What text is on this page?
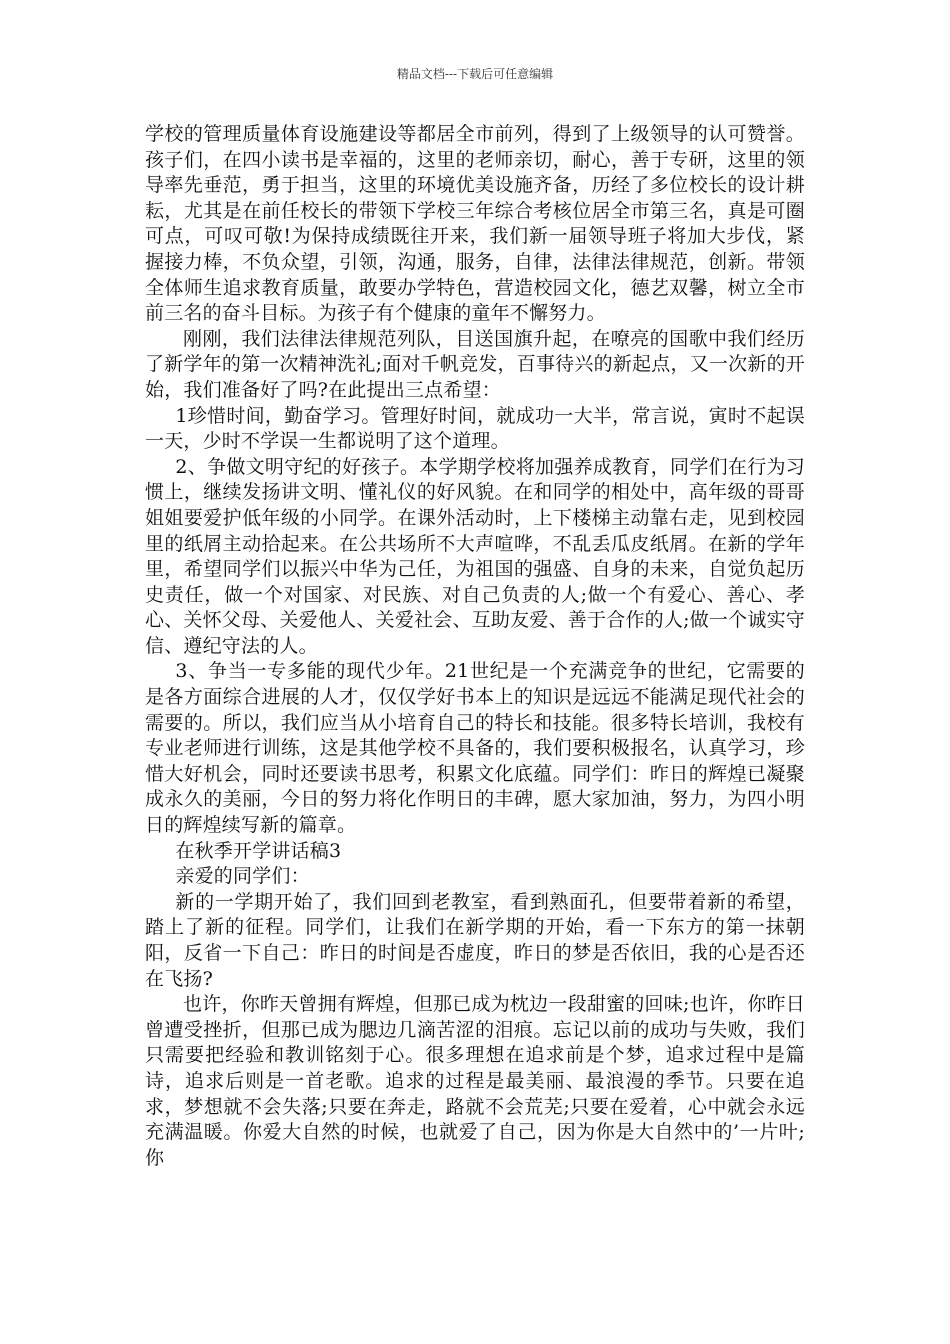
精品文档---下载后可任意编辑

学校的管理质量体育设施建设等都居全市前列，得到了上级领导的认可赞誉。孩子们，在四小读书是幸福的，这里的老师亲切，耐心，善于专研，这里的领导率先垂范，勇于担当，这里的环境优美设施齐备，历经了多位校长的设计耕耘，尤其是在前任校长的带领下学校三年综合考核位居全市第三名，真是可圈可点，可叹可敬!为保持成绩既往开来，我们新一届领导班子将加大步伐，紧握接力棒，不负众望，引领，沟通，服务，自律，法律法律规范，创新。带领全体师生追求教育质量，敢要办学特色，营造校园文化，德艺双馨，树立全市前三名的奋斗目标。为孩子有个健康的童年不懈努力。

刚刚，我们法律法律规范列队，目送国旗升起，在嘹亮的国歌中我们经历了新学年的第一次精神洗礼;面对千帆竞发，百事待兴的新起点，又一次新的开始，我们准备好了吗?在此提出三点希望：

1珍惜时间，勤奋学习。管理好时间，就成功一大半，常言说，寅时不起误一天，少时不学误一生都说明了这个道理。

2、争做文明守纪的好孩子。本学期学校将加强养成教育，同学们在行为习惯上，继续发扬讲文明、懂礼仪的好风貌。在和同学的相处中，高年级的哥哥姐姐要爱护低年级的小同学。在课外活动时，上下楼梯主动靠右走，见到校园里的纸屑主动拾起来。在公共场所不大声喧哗，不乱丢瓜皮纸屑。在新的学年里，希望同学们以振兴中华为己任，为祖国的强盛、自身的未来，自觉负起历史责任，做一个对国家、对民族、对自己负责的人;做一个有爱心、善心、孝心、关怀父母、关爱他人、关爱社会、互助友爱、善于合作的人;做一个诚实守信、遵纪守法的人。

3、争当一专多能的现代少年。21世纪是一个充满竞争的世纪，它需要的是各方面综合进展的人才，仅仅学好书本上的知识是远远不能满足现代社会的需要的。所以，我们应当从小培育自己的特长和技能。很多特长培训，我校有专业老师进行训练，这是其他学校不具备的，我们要积极报名，认真学习，珍惜大好机会，同时还要读书思考，积累文化底蕴。同学们：昨日的辉煌已凝聚成永久的美丽，今日的努力将化作明日的丰碑，愿大家加油，努力，为四小明日的辉煌续写新的篇章。

在秋季开学讲话稿3

亲爱的同学们：

新的一学期开始了，我们回到老教室，看到熟面孔，但要带着新的希望，踏上了新的征程。同学们，让我们在新学期的开始，看一下东方的第一抹朝阳，反省一下自己：昨日的时间是否虚度，昨日的梦是否依旧，我的心是否还在飞扬?

也许，你昨天曾拥有辉煌，但那已成为枕边一段甜蜜的回味;也许，你昨日曾遭受挫折，但那已成为腮边几滴苦涩的泪痕。忘记以前的成功与失败，我们只需要把经验和教训铭刻于心。很多理想在追求前是个梦，追求过程中是篇诗，追求后则是一首老歌。追求的过程是最美丽、最浪漫的季节。只要在追求，梦想就不会失落;只要在奔走，路就不会荒芜;只要在爱着，心中就会永远充满温暖。你爱大自然的时候，也就爱了自己，因为你是大自然中的’一片叶;你
